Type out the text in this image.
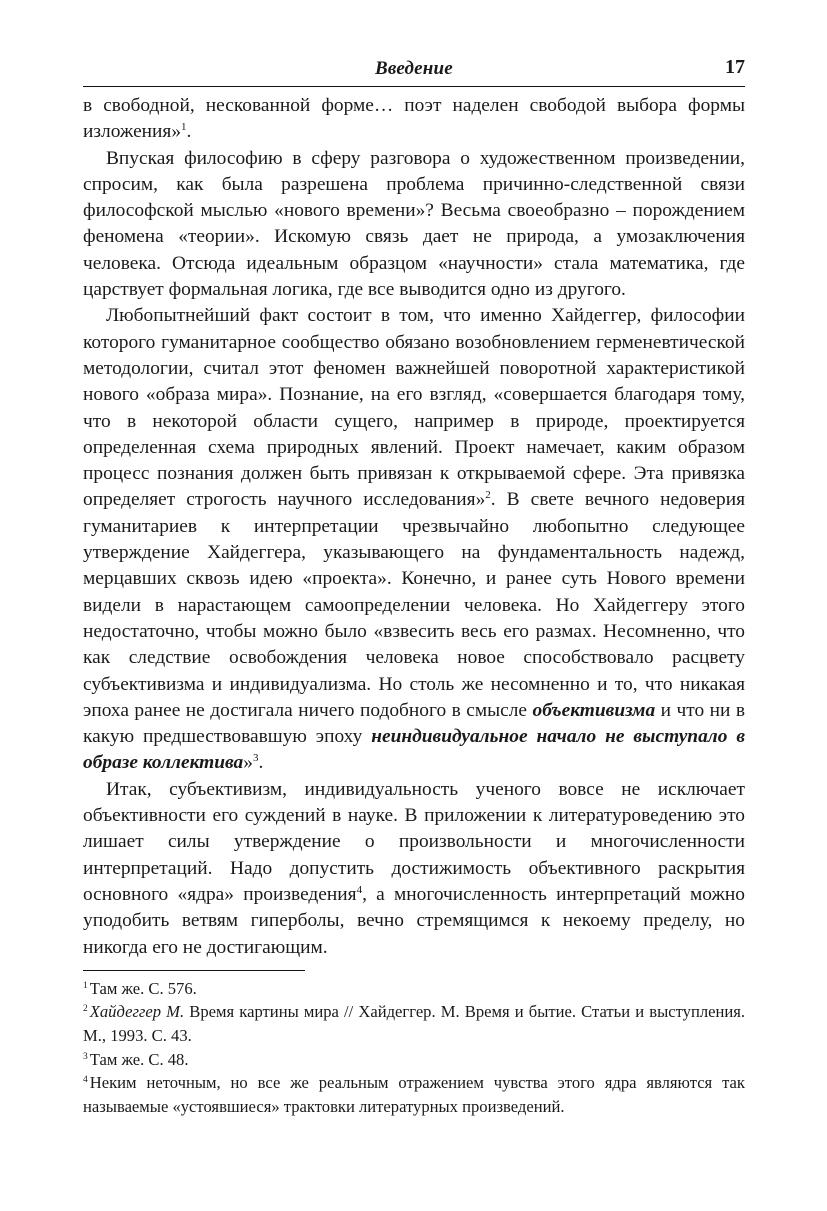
Введение	17

в свободной, нескованной форме… поэт наделен свободой выбора формы изложения»$^1$.

Впуская философию в сферу разговора о художественном произведении, спросим, как была разрешена проблема причинно-следственной связи философской мыслью «нового времени»? Весьма своеобразно – порождением феномена «теории». Искомую связь дает не природа, а умозаключения человека. Отсюда идеальным образцом «научности» стала математика, где царствует формальная логика, где все выводится одно из другого.

Любопытнейший факт состоит в том, что именно Хайдеггер, философии которого гуманитарное сообщество обязано возобновлением герменевтической методологии, считал этот феномен важнейшей поворотной характеристикой нового «образа мира». Познание, на его взгляд, «совершается благодаря тому, что в некоторой области сущего, например в природе, проектируется определенная схема природных явлений. Проект намечает, каким образом процесс познания должен быть привязан к открываемой сфере. Эта привязка определяет строгость научного исследования»$^2$. В свете вечного недоверия гуманитариев к интерпретации чрезвычайно любопытно следующее утверждение Хайдеггера, указывающего на фундаментальность надежд, мерцавших сквозь идею «проекта». Конечно, и ранее суть Нового времени видели в нарастающем самоопределении человека. Но Хайдеггеру этого недостаточно, чтобы можно было «взвесить весь его размах. Несомненно, что как следствие освобождения человека новое способствовало расцвету субъективизма и индивидуализма. Но столь же несомненно и то, что никакая эпоха ранее не достигала ничего подобного в смысле объективизма и что ни в какую предшествовавшую эпоху неиндивидуальное начало не выступало в образе коллектива»$^3$.

Итак, субъективизм, индивидуальность ученого вовсе не исключает объективности его суждений в науке. В приложении к литературоведению это лишает силы утверждение о произвольности и многочисленности интерпретаций. Надо допустить достижимость объективного раскрытия основного «ядра» произведения$^4$, а многочисленность интерпретаций можно уподобить ветвям гиперболы, вечно стремящимся к некоему пределу, но никогда его не достигающим.

$^1$ Там же. С. 576.

$^2$ Хайдеггер М. Время картины мира // Хайдеггер. М. Время и бытие. Статьи и выступления. М., 1993. С. 43.

$^3$ Там же. С. 48.

$^4$ Неким неточным, но все же реальным отражением чувства этого ядра являются так называемые «устоявшиеся» трактовки литературных произведений.
